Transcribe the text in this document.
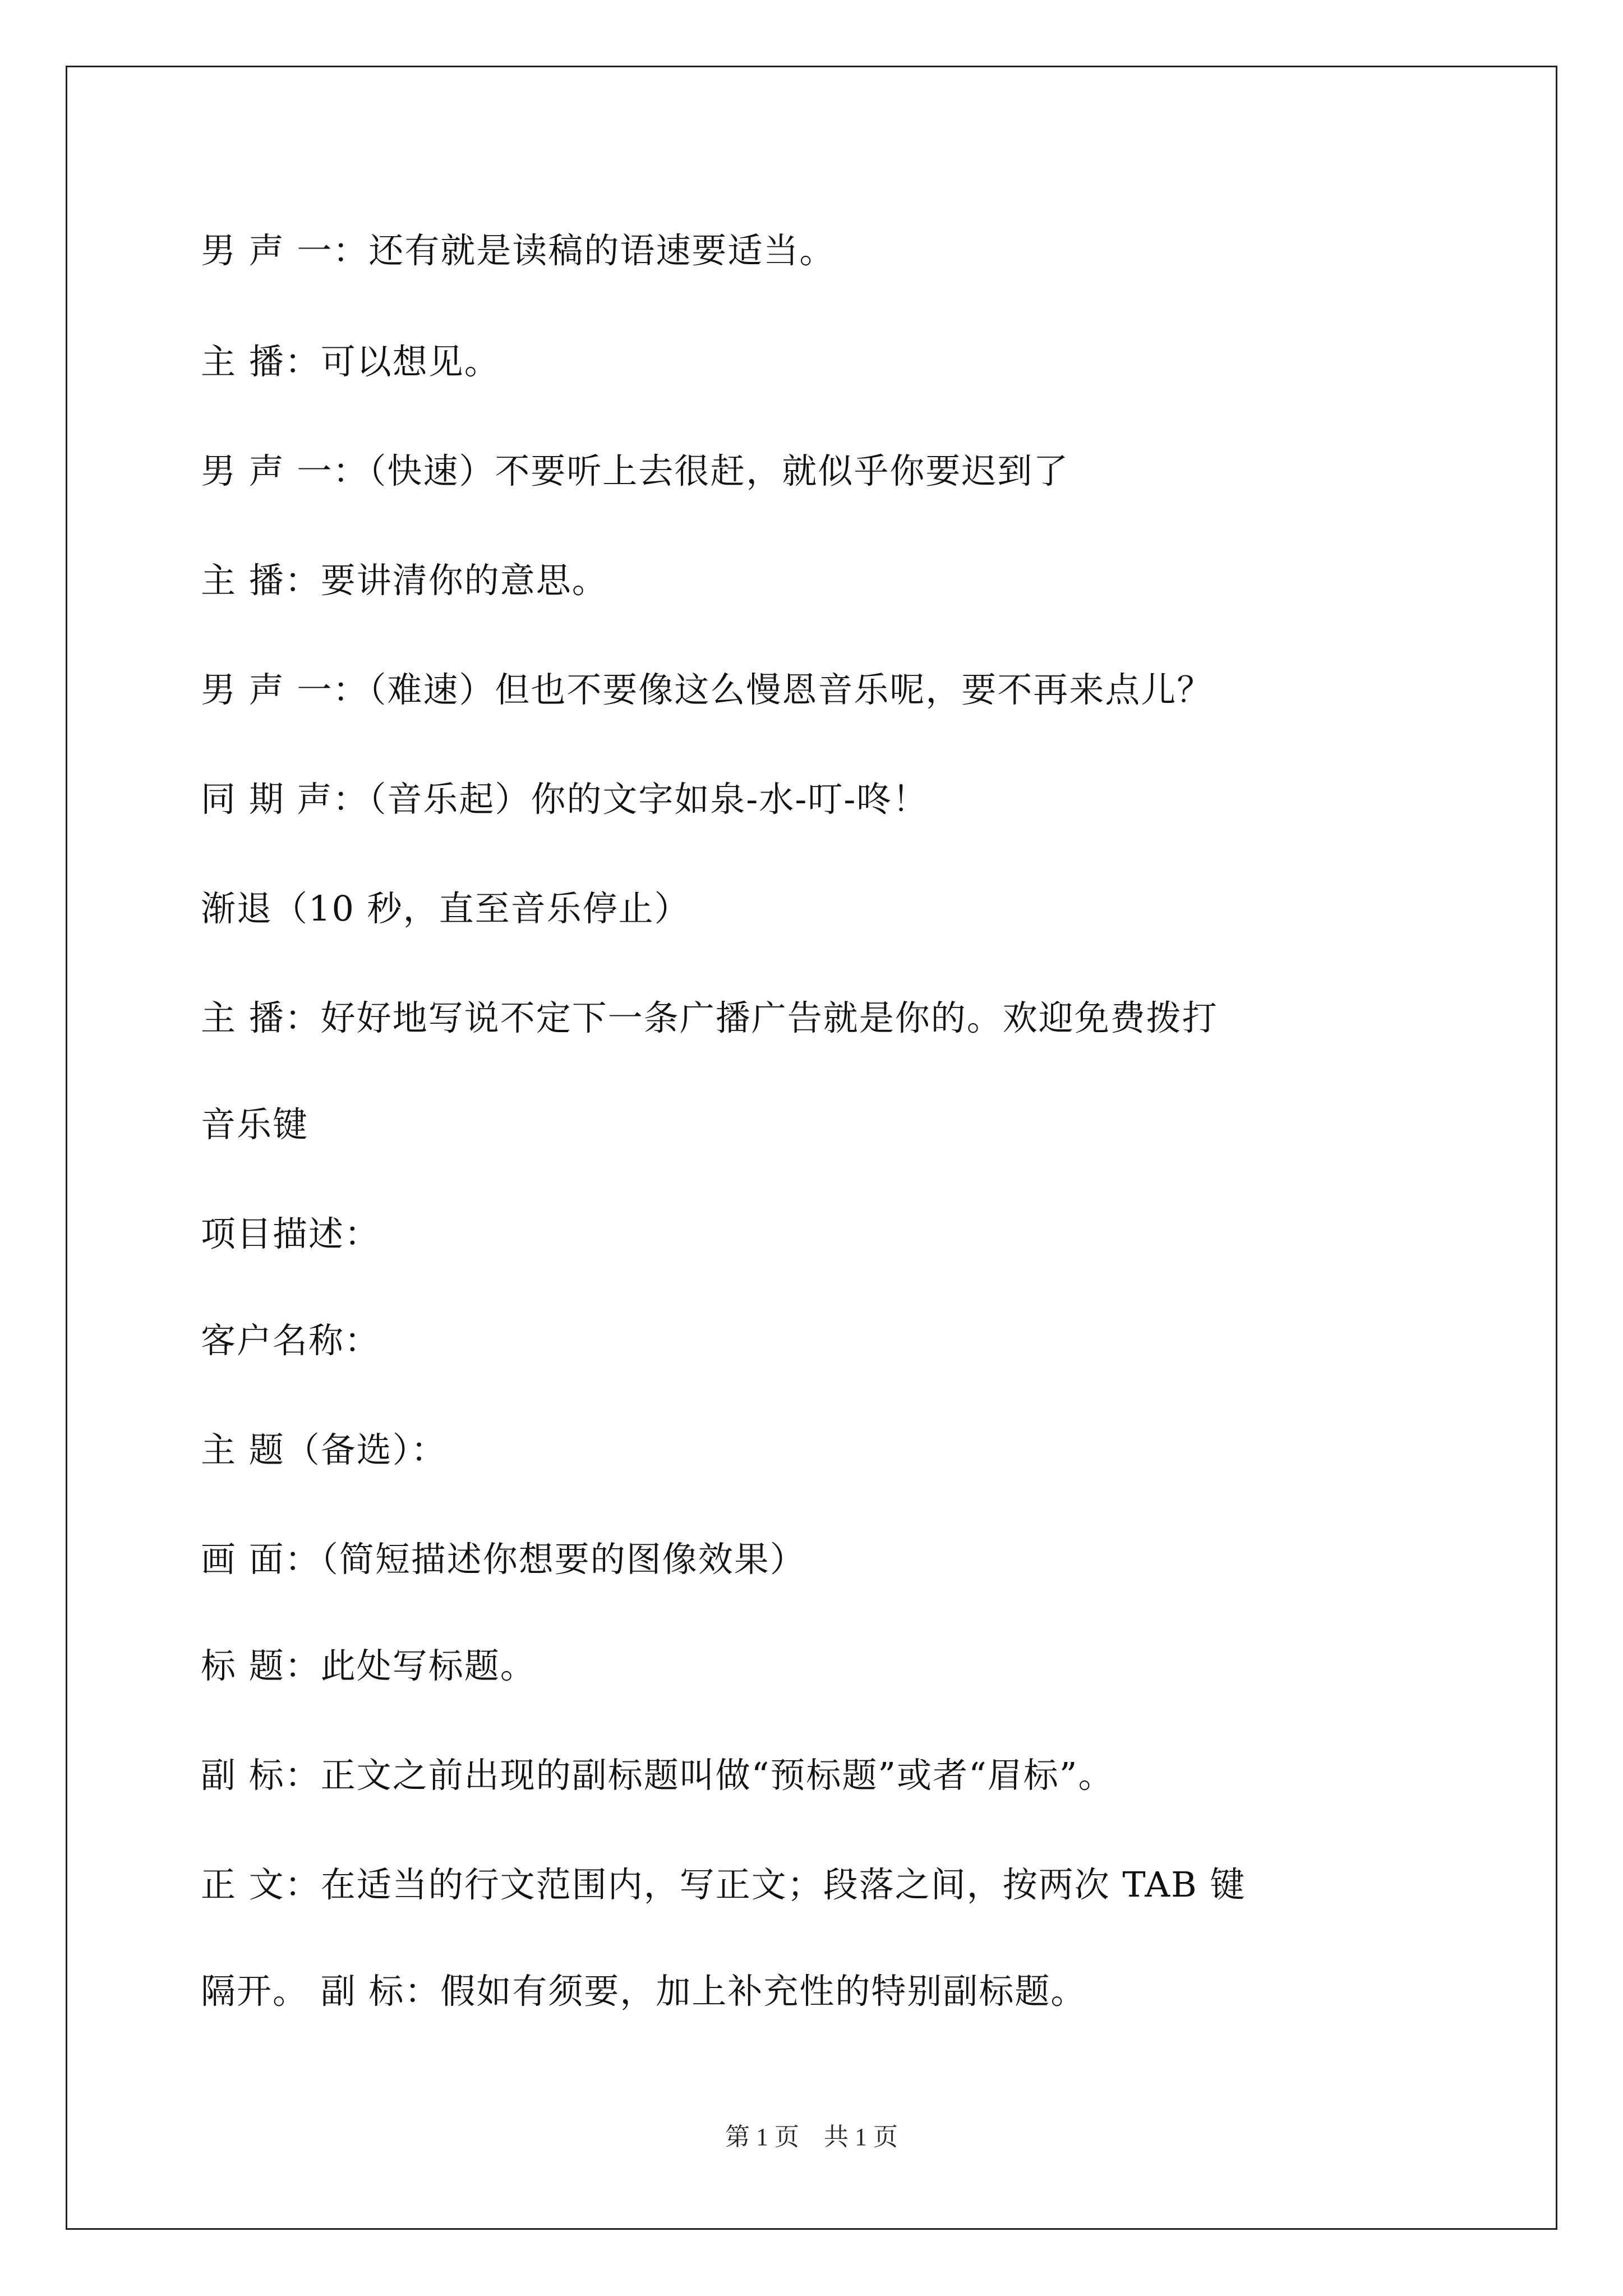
男 声 一：还有就是读稿的语速要适当。
主 播：可以想见。
男 声 一：（快速）不要听上去很赶，就似乎你要迟到了
主 播：要讲清你的意思。
男 声 一：（难速）但也不要像这么慢恩音乐呢，要不再来点儿？
同 期 声：（音乐起）你的文字如泉-水-叮-咚！
渐退（10 秒，直至音乐停止）
主 播：好好地写说不定下一条广播广告就是你的。欢迎免费拨打
音乐键
项目描述：
客户名称：
主 题（备选）：
画 面：（简短描述你想要的图像效果）
标 题：此处写标题。
副 标：正文之前出现的副标题叫做“预标题”或者“眉标”。
正 文：在适当的行文范围内，写正文；段落之间，按两次 TAB 键
隔开。 副 标：假如有须要，加上补充性的特别副标题。
第 1 页　共 1 页
